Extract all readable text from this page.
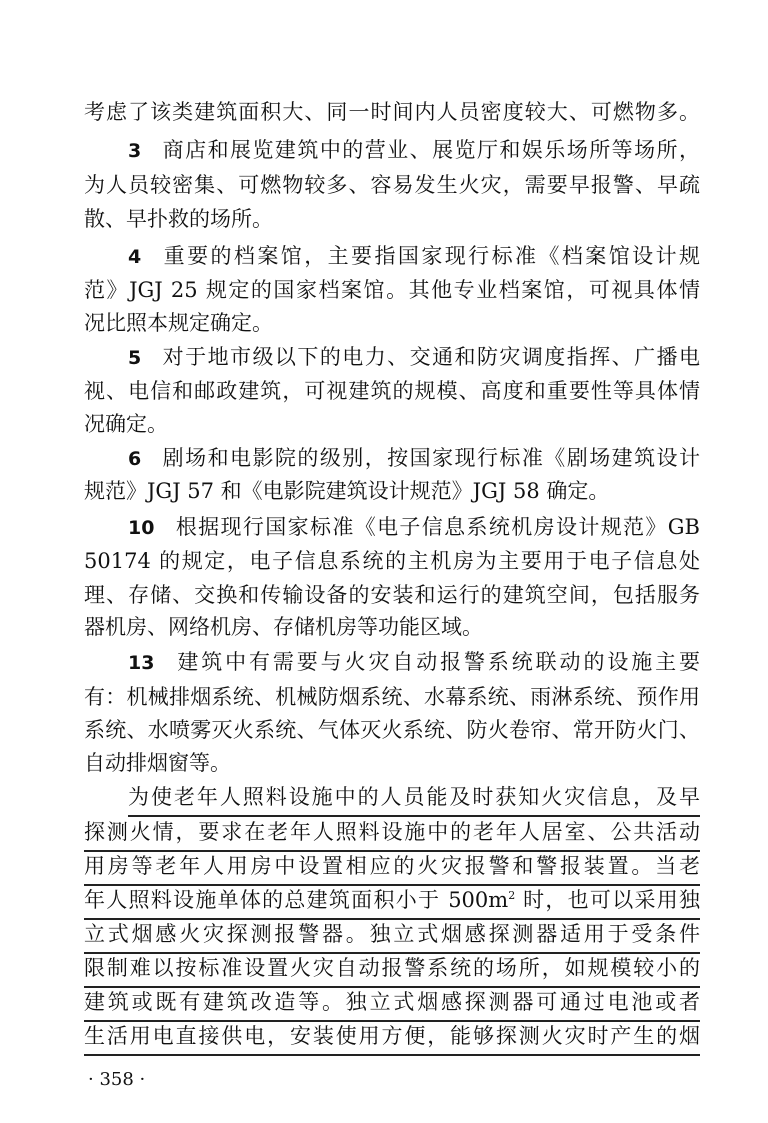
考虑了该类建筑面积大、同一时间内人员密度较大、可燃物多。
3 商店和展览建筑中的营业、展览厅和娱乐场所等场所，
为人员较密集、可燃物较多、容易发生火灾，需要早报警、早疏
散、早扑救的场所。
4 重要的档案馆，主要指国家现行标准《档案馆设计规
范》JGJ 25 规定的国家档案馆。其他专业档案馆，可视具体情
况比照本规定确定。
5 对于地市级以下的电力、交通和防灾调度指挥、广播电
视、电信和邮政建筑，可视建筑的规模、高度和重要性等具体情
况确定。
6 剧场和电影院的级别，按国家现行标准《剧场建筑设计
规范》JGJ 57 和《电影院建筑设计规范》JGJ 58 确定。
10 根据现行国家标准《电子信息系统机房设计规范》GB
50174 的规定，电子信息系统的主机房为主要用于电子信息处
理、存储、交换和传输设备的安装和运行的建筑空间，包括服务
器机房、网络机房、存储机房等功能区域。
13 建筑中有需要与火灾自动报警系统联动的设施主要
有：机械排烟系统、机械防烟系统、水幕系统、雨淋系统、预作用
系统、水喷雾灭火系统、气体灭火系统、防火卷帘、常开防火门、
自动排烟窗等。
为使老年人照料设施中的人员能及时获知火灾信息，及早
探测火情，要求在老年人照料设施中的老年人居室、公共活动
用房等老年人用房中设置相应的火灾报警和警报装置。当老
年人照料设施单体的总建筑面积小于 $500m^2$ 时，也可以采用独
立式烟感火灾探测报警器。独立式烟感探测器适用于受条件
限制难以按标准设置火灾自动报警系统的场所，如规模较小的
建筑或既有建筑改造等。独立式烟感探测器可通过电池或者
生活用电直接供电，安装使用方便，能够探测火灾时产生的烟
· 358 ·
